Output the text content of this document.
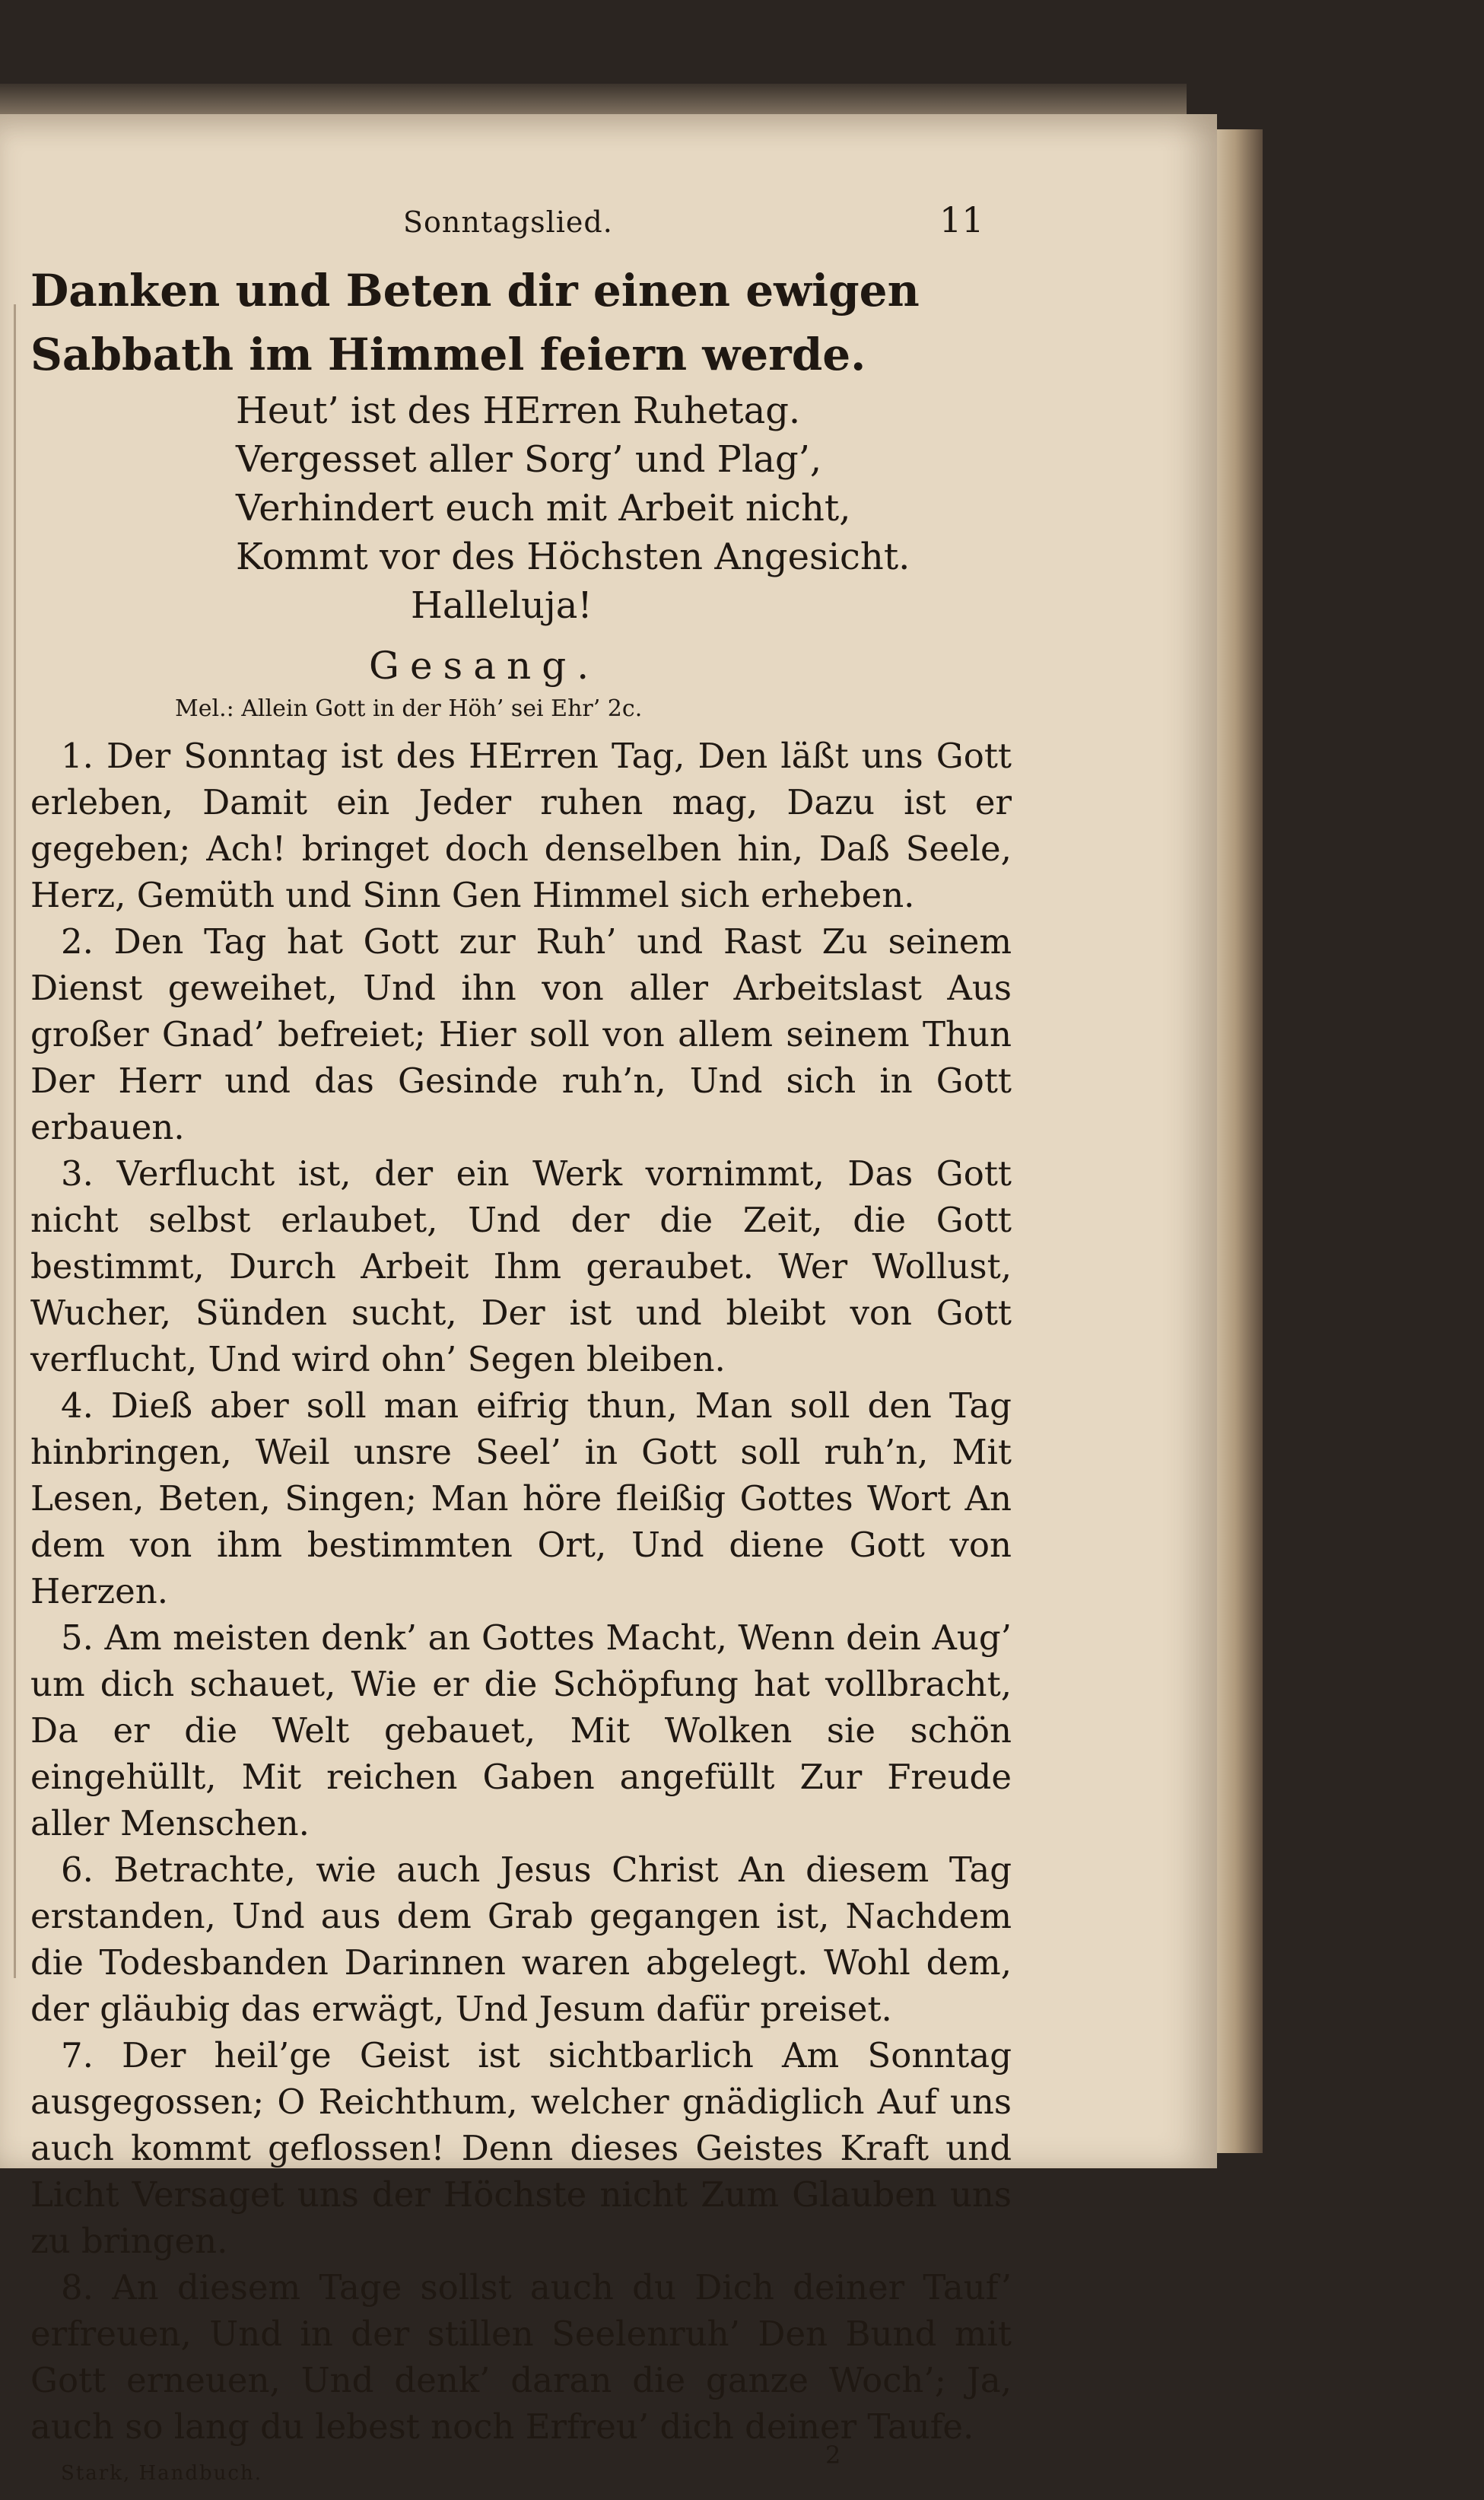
Sonntagslied.	11

Danken und Beten dir einen ewigen Sabbath im Himmel feiern werde.

Heut’ ist des HErren Ruhetag.
Vergesset aller Sorg’ und Plag’,
Verhindert euch mit Arbeit nicht,
Kommt vor des Höchsten Angesicht.
Halleluja!
Gesang.
Mel.: Allein Gott in der Höh’ sei Ehr’ 2c.

1. Der Sonntag ist des HErren Tag, Den läßt uns Gott erleben, Damit ein Jeder ruhen mag, Dazu ist er gegeben; Ach! bringet doch denselben hin, Daß Seele, Herz, Gemüth und Sinn Gen Himmel sich erheben.

2. Den Tag hat Gott zur Ruh’ und Rast Zu seinem Dienst geweihet, Und ihn von aller Arbeitslast Aus großer Gnad’ befreiet; Hier soll von allem seinem Thun Der Herr und das Gesinde ruh’n, Und sich in Gott erbauen.

3. Verflucht ist, der ein Werk vornimmt, Das Gott nicht selbst erlaubet, Und der die Zeit, die Gott bestimmt, Durch Arbeit Ihm geraubet. Wer Wollust, Wucher, Sünden sucht, Der ist und bleibt von Gott verflucht, Und wird ohn’ Segen bleiben.

4. Dieß aber soll man eifrig thun, Man soll den Tag hinbringen, Weil unsre Seel’ in Gott soll ruh’n, Mit Lesen, Beten, Singen; Man höre fleißig Gottes Wort An dem von ihm bestimmten Ort, Und diene Gott von Herzen.

5. Am meisten denk’ an Gottes Macht, Wenn dein Aug’ um dich schauet, Wie er die Schöpfung hat vollbracht, Da er die Welt gebauet, Mit Wolken sie schön eingehüllt, Mit reichen Gaben angefüllt Zur Freude aller Menschen.

6. Betrachte, wie auch Jesus Christ An diesem Tag erstanden, Und aus dem Grab gegangen ist, Nachdem die Todesbanden Darinnen waren abgelegt. Wohl dem, der gläubig das erwägt, Und Jesum dafür preiset.

7. Der heil’ge Geist ist sichtbarlich Am Sonntag ausgegossen; O Reichthum, welcher gnädiglich Auf uns auch kommt geflossen! Denn dieses Geistes Kraft und Licht Versaget uns der Höchste nicht Zum Glauben uns zu bringen.

8. An diesem Tage sollst auch du Dich deiner Tauf’ erfreuen, Und in der stillen Seelenruh’ Den Bund mit Gott erneuen, Und denk’ daran die ganze Woch’; Ja, auch so lang du lebest noch Erfreu’ dich deiner Taufe.

Stark, Handbuch.
2
